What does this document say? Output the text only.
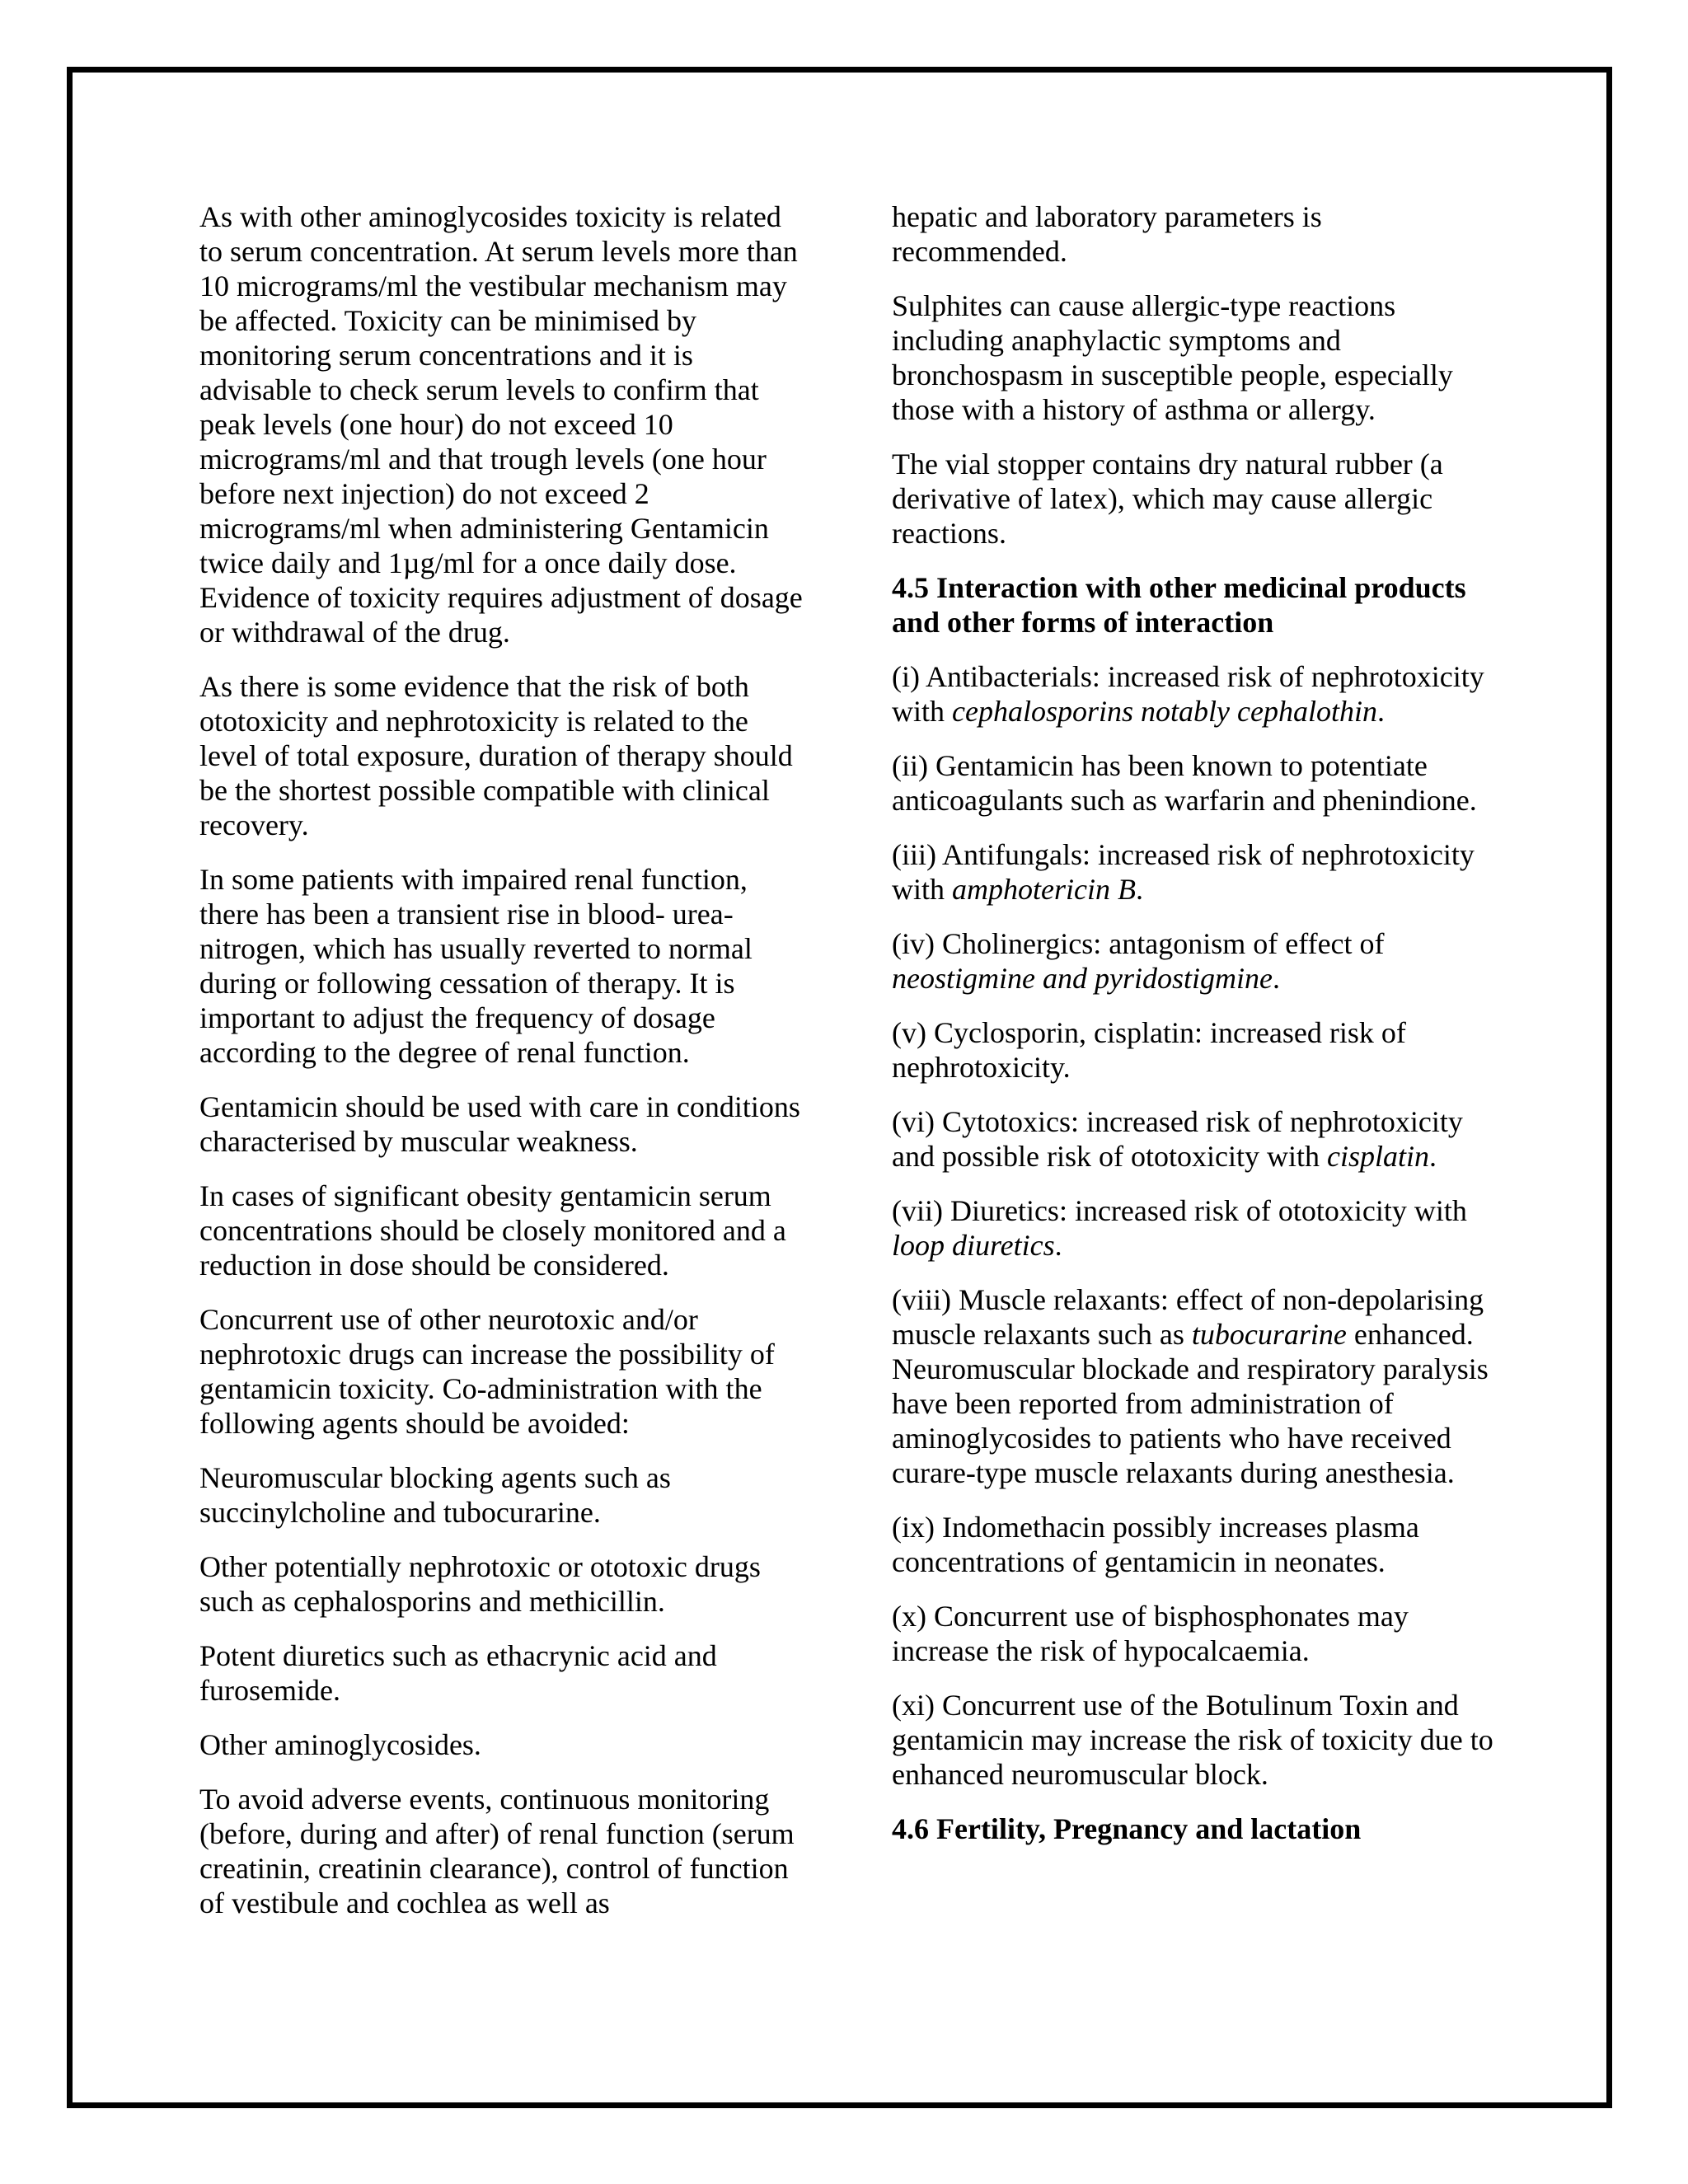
As with other aminoglycosides toxicity is related to serum concentration. At serum levels more than 10 micrograms/ml the vestibular mechanism may be affected. Toxicity can be minimised by monitoring serum concentrations and it is advisable to check serum levels to confirm that peak levels (one hour) do not exceed 10 micrograms/ml and that trough levels (one hour before next injection) do not exceed 2 micrograms/ml when administering Gentamicin twice daily and 1µg/ml for a once daily dose. Evidence of toxicity requires adjustment of dosage or withdrawal of the drug.

As there is some evidence that the risk of both ototoxicity and nephrotoxicity is related to the level of total exposure, duration of therapy should be the shortest possible compatible with clinical recovery.

In some patients with impaired renal function, there has been a transient rise in blood- urea-nitrogen, which has usually reverted to normal during or following cessation of therapy. It is important to adjust the frequency of dosage according to the degree of renal function.

Gentamicin should be used with care in conditions characterised by muscular weakness.

In cases of significant obesity gentamicin serum concentrations should be closely monitored and a reduction in dose should be considered.

Concurrent use of other neurotoxic and/or nephrotoxic drugs can increase the possibility of gentamicin toxicity. Co-administration with the following agents should be avoided:

Neuromuscular blocking agents such as succinylcholine and tubocurarine.

Other potentially nephrotoxic or ototoxic drugs such as cephalosporins and methicillin.

Potent diuretics such as ethacrynic acid and furosemide.

Other aminoglycosides.

To avoid adverse events, continuous monitoring (before, during and after) of renal function (serum creatinin, creatinin clearance), control of function of vestibule and cochlea as well as

hepatic and laboratory parameters is recommended.

Sulphites can cause allergic-type reactions including anaphylactic symptoms and bronchospasm in susceptible people, especially those with a history of asthma or allergy.

The vial stopper contains dry natural rubber (a derivative of latex), which may cause allergic reactions.

4.5 Interaction with other medicinal products and other forms of interaction

(i) Antibacterials: increased risk of nephrotoxicity with cephalosporins notably cephalothin.

(ii) Gentamicin has been known to potentiate anticoagulants such as warfarin and phenindione.

(iii) Antifungals: increased risk of nephrotoxicity with amphotericin B.

(iv) Cholinergics: antagonism of effect of neostigmine and pyridostigmine.

(v) Cyclosporin, cisplatin: increased risk of nephrotoxicity.

(vi) Cytotoxics: increased risk of nephrotoxicity and possible risk of ototoxicity with cisplatin.

(vii) Diuretics: increased risk of ototoxicity with loop diuretics.

(viii) Muscle relaxants: effect of non-depolarising muscle relaxants such as tubocurarine enhanced. Neuromuscular blockade and respiratory paralysis have been reported from administration of aminoglycosides to patients who have received curare-type muscle relaxants during anesthesia.

(ix) Indomethacin possibly increases plasma concentrations of gentamicin in neonates.

(x) Concurrent use of bisphosphonates may increase the risk of hypocalcaemia.

(xi) Concurrent use of the Botulinum Toxin and gentamicin may increase the risk of toxicity due to enhanced neuromuscular block.

4.6 Fertility, Pregnancy and lactation
